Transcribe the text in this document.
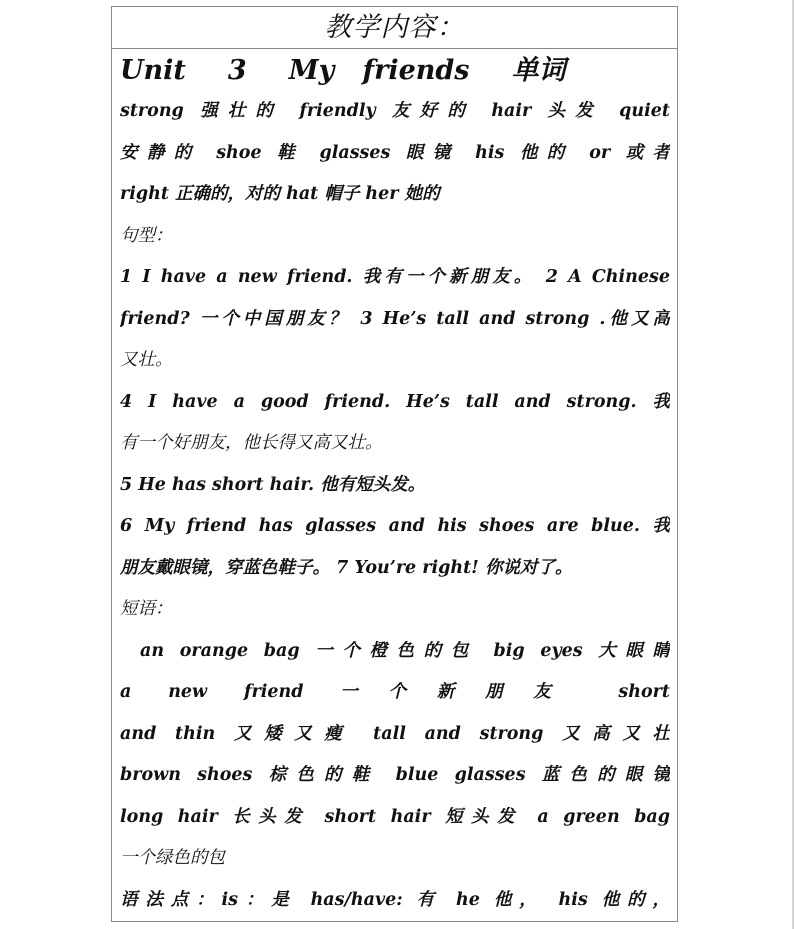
教学内容：
Unit 3 My   friends 单词
strong 强壮的 friendly 友好的 hair 头发 quiet
安静的 shoe 鞋 glasses 眼镜 his 他的 or 或者
right 正确的，对的 hat 帽子 her 她的
句型：
1 I have a new friend. 我有一个新朋友。 2 A Chinese
friend? 一个中国朋友？ 3 He’s tall and strong .他又高
又壮。
4 I have a good friend. He’s tall and strong. 我
有一个好朋友，他长得又高又壮。
5 He has short hair. 他有短头发。
6 My friend has glasses and his shoes are blue. 我
朋友戴眼镜，穿蓝色鞋子。 7 You’re right! 你说对了。
短语：
an orange bag 一个橙色的包 big eyes 大眼睛
a new friend 一个新朋友 short
and thin 又矮又瘦 tall and strong 又高又壮
brown shoes 棕色的鞋 blue glasses 蓝色的眼镜
long hair 长头发 short hair 短头发 a green bag
一个绿色的包
语法点：is：是 has/have: 有 he 他， his 他的，
